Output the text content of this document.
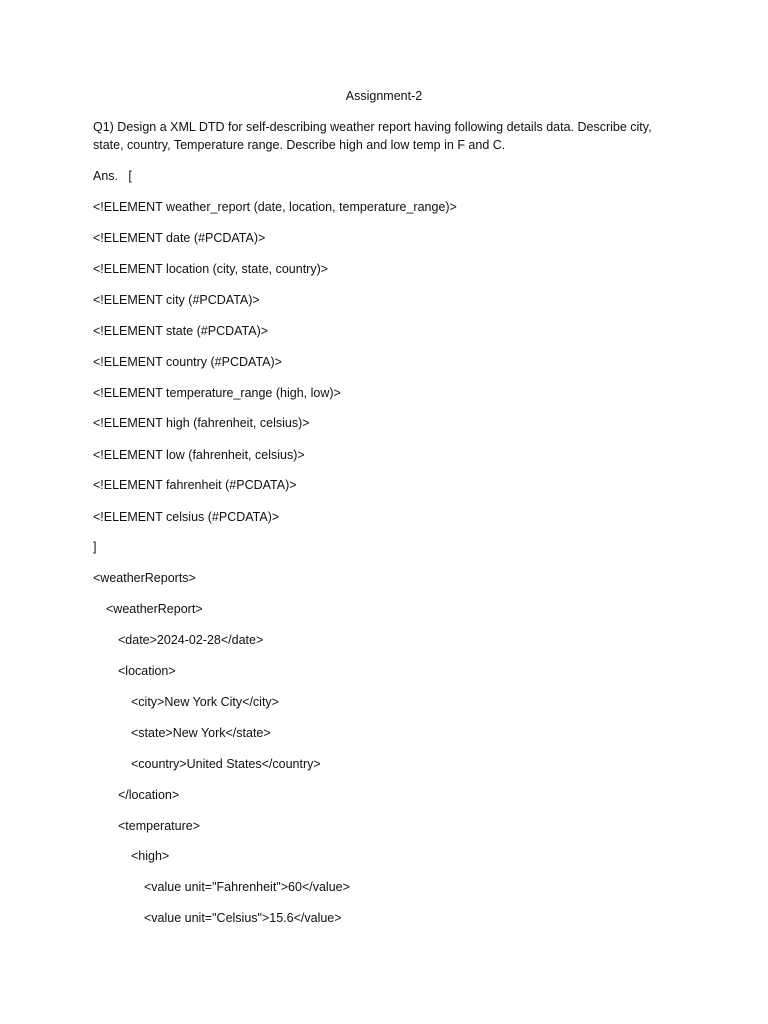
Assignment-2
Q1) Design a XML DTD for self-describing weather report having following details data. Describe city, state, country, Temperature range. Describe high and low temp in F and C.
Ans.   [
<!ELEMENT weather_report (date, location, temperature_range)>
<!ELEMENT date (#PCDATA)>
<!ELEMENT location (city, state, country)>
<!ELEMENT city (#PCDATA)>
<!ELEMENT state (#PCDATA)>
<!ELEMENT country (#PCDATA)>
<!ELEMENT temperature_range (high, low)>
<!ELEMENT high (fahrenheit, celsius)>
<!ELEMENT low (fahrenheit, celsius)>
<!ELEMENT fahrenheit (#PCDATA)>
<!ELEMENT celsius (#PCDATA)>
]
<weatherReports>
<weatherReport>
<date>2024-02-28</date>
<location>
<city>New York City</city>
<state>New York</state>
<country>United States</country>
</location>
<temperature>
<high>
<value unit="Fahrenheit">60</value>
<value unit="Celsius">15.6</value>
